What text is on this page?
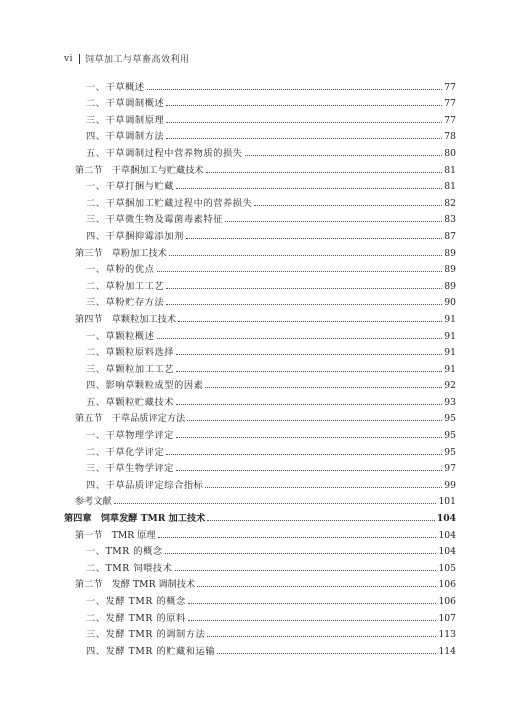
vi 饲草加工与草畜高效利用
一、干草概述	77
二、干草调制概述	77
三、干草调制原理	77
四、干草调制方法	78
五、干草调制过程中营养物质的损失	80
第二节　干草捆加工与贮藏技术	81
一、干草打捆与贮藏	81
二、干草捆加工贮藏过程中的营养损失	82
三、干草微生物及霉菌毒素特征	83
四、干草捆抑霉添加剂	87
第三节　草粉加工技术	89
一、草粉的优点	89
二、草粉加工工艺	89
三、草粉贮存方法	90
第四节　草颗粒加工技术	91
一、草颗粒概述	91
二、草颗粒原料选择	91
三、草颗粒加工工艺	91
四、影响草颗粒成型的因素	92
五、草颗粒贮藏技术	93
第五节　干草品质评定方法	95
一、干草物理学评定	95
二、干草化学评定	95
三、干草生物学评定	97
四、干草品质评定综合指标	99
参考文献	101
第四章　饲草发酵 TMR 加工技术	104
第一节　TMR 原理	104
一、TMR 的概念	104
二、TMR 饲喂技术	105
第二节　发酵 TMR 调制技术	106
一、发酵 TMR 的概念	106
二、发酵 TMR 的原料	107
三、发酵 TMR 的调制方法	113
四、发酵 TMR 的贮藏和运输	114
